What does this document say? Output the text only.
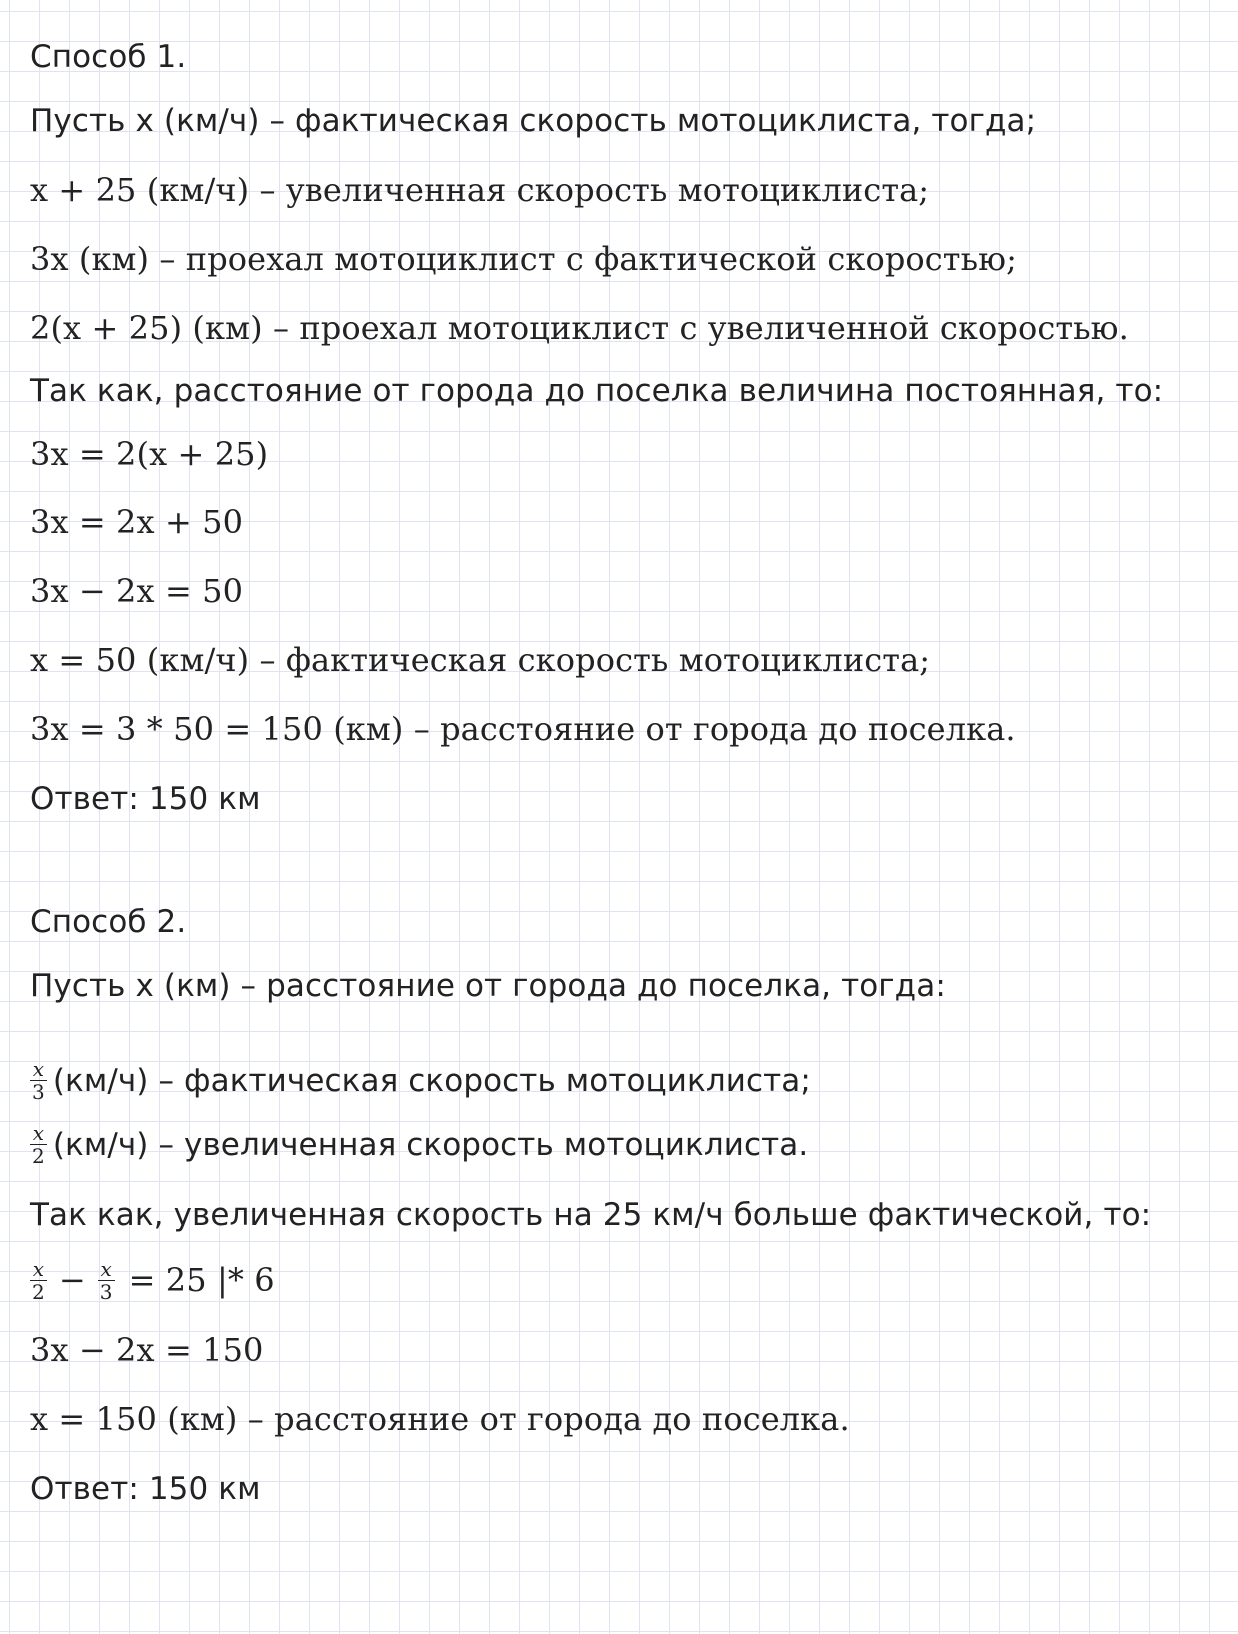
Способ 1.
Пусть x (км/ч) – фактическая скорость мотоциклиста, тогда;
x + 25 (км/ч) – увеличенная скорость мотоциклиста;
3x (км) – проехал мотоциклист с фактической скоростью;
2(x + 25) (км) – проехал мотоциклист с увеличенной скоростью.
Так как, расстояние от города до поселка величина постоянная, то:
3x = 2(x + 25)
3x = 2x + 50
3x − 2x = 50
x = 50 (км/ч) – фактическая скорость мотоциклиста;
3x = 3 * 50 = 150 (км) – расстояние от города до поселка.
Ответ: 150 км
Способ 2.
Пусть x (км) – расстояние от города до поселка, тогда:
$\frac{x}{3} (км/ч)$ – фактическая скорость мотоциклиста;
$\frac{x}{2} (км/ч)$ – увеличенная скорость мотоциклиста.
Так как, увеличенная скорость на 25 км/ч больше фактической, то:
$\frac{x}{2} - \frac{x}{3} = 25$ |* 6
3x − 2x = 150
x = 150 (км) – расстояние от города до поселка.
Ответ: 150 км
